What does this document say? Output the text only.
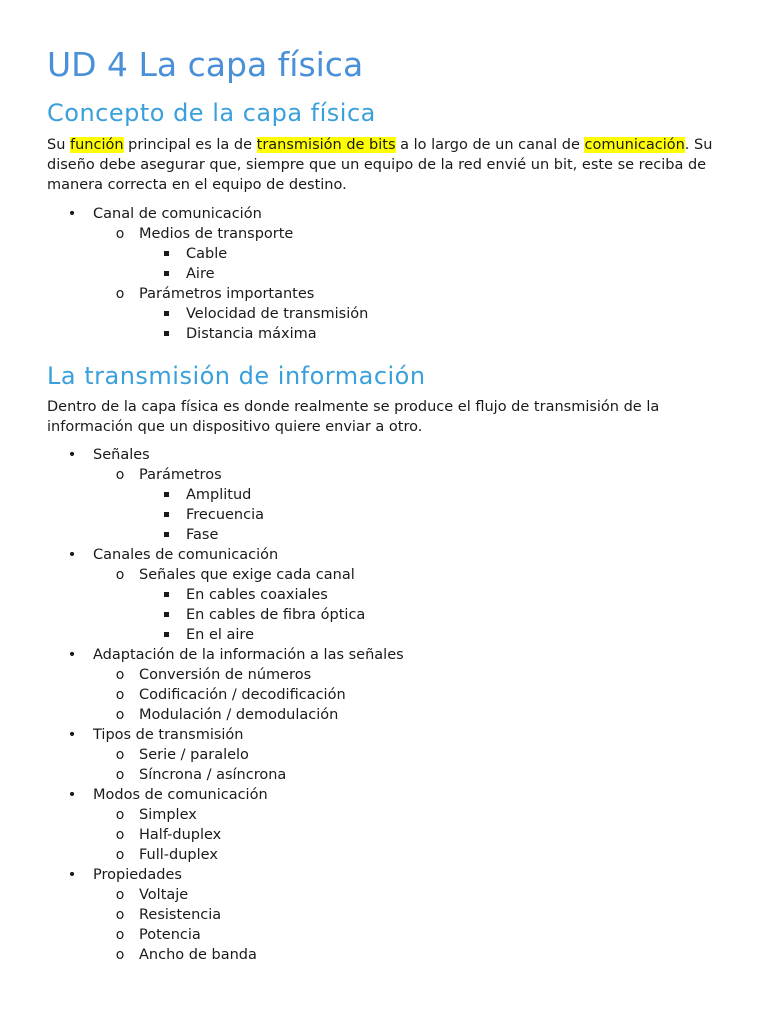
UD 4 La capa física
Concepto de la capa física

Su función principal es la de transmisión de bits a lo largo de un canal de comunicación. Su diseño debe asegurar que, siempre que un equipo de la red envié un bit, este se reciba de manera correcta en el equipo de destino.

• Canal de comunicación
o Medios de transporte
Cable
Aire
o Parámetros importantes
Velocidad de transmisión
Distancia máxima
La transmisión de información

Dentro de la capa física es donde realmente se produce el flujo de transmisión de la información que un dispositivo quiere enviar a otro.

• Señales
o Parámetros
Amplitud
Frecuencia
Fase
• Canales de comunicación
o Señales que exige cada canal
En cables coaxiales
En cables de fibra óptica
En el aire
• Adaptación de la información a las señales
o Conversión de números
o Codificación / decodificación
o Modulación / demodulación
• Tipos de transmisión
o Serie / paralelo
o Síncrona / asíncrona
• Modos de comunicación
o Simplex
o Half-duplex
o Full-duplex
• Propiedades
o Voltaje
o Resistencia
o Potencia
o Ancho de banda
